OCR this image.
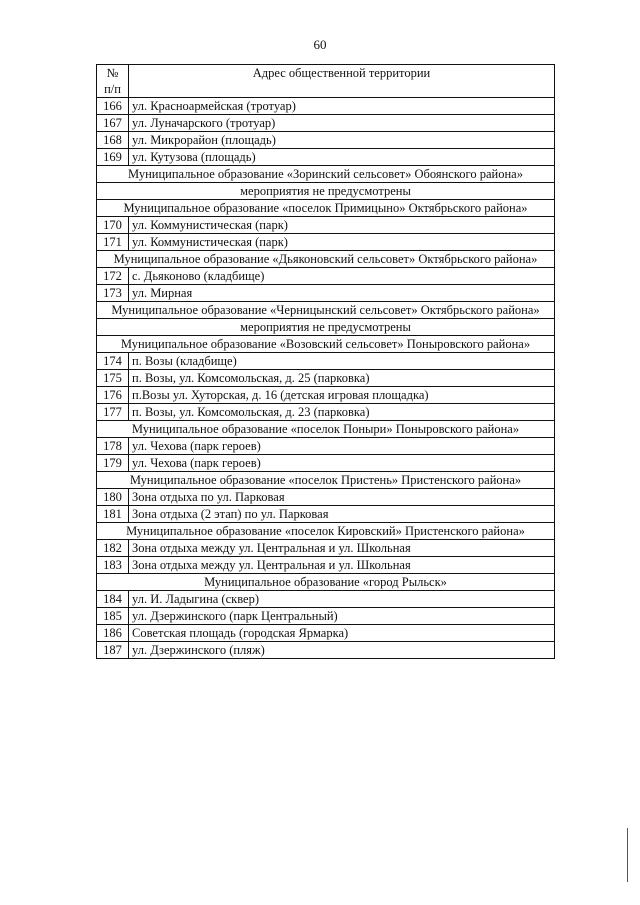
60
№
п/п	Адрес общественной территории
166	ул. Красноармейская (тротуар)
167	ул. Луначарского (тротуар)
168	ул. Микрорайон (площадь)
169	ул. Кутузова (площадь)
Муниципальное образование «Зоринский сельсовет» Обоянского района»	
мероприятия не предусмотрены	
Муниципальное образование «поселок Примицыно» Октябрьского района»	
170	ул. Коммунистическая (парк)
171	ул. Коммунистическая (парк)
Муниципальное образование «Дьяконовский сельсовет» Октябрьского района»	
172	с. Дьяконово (кладбище)
173	ул. Мирная
Муниципальное образование «Черницынский сельсовет» Октябрьского района»	
мероприятия не предусмотрены	
Муниципальное образование «Возовский сельсовет» Поныровского района»	
174	п. Возы (кладбище)
175	п. Возы, ул. Комсомольская, д. 25 (парковка)
176	п.Возы ул. Хуторская, д. 16 (детская игровая площадка)
177	п. Возы, ул. Комсомольская, д. 23 (парковка)
Муниципальное образование «поселок Поныри» Поныровского района»	
178	ул. Чехова (парк героев)
179	ул. Чехова (парк героев)
Муниципальное образование «поселок Пристень» Пристенского района»	
180	Зона отдыха по ул. Парковая
181	Зона отдыха (2 этап) по ул. Парковая
Муниципальное образование «поселок Кировский» Пристенского района»	
182	Зона отдыха между ул. Центральная и ул. Школьная
183	Зона отдыха между ул. Центральная и ул. Школьная
Муниципальное образование «город Рыльск»	
184	ул. И. Ладыгина (сквер)
185	ул. Дзержинского (парк Центральный)
186	Советская площадь (городская Ярмарка)
187	ул. Дзержинского (пляж)
